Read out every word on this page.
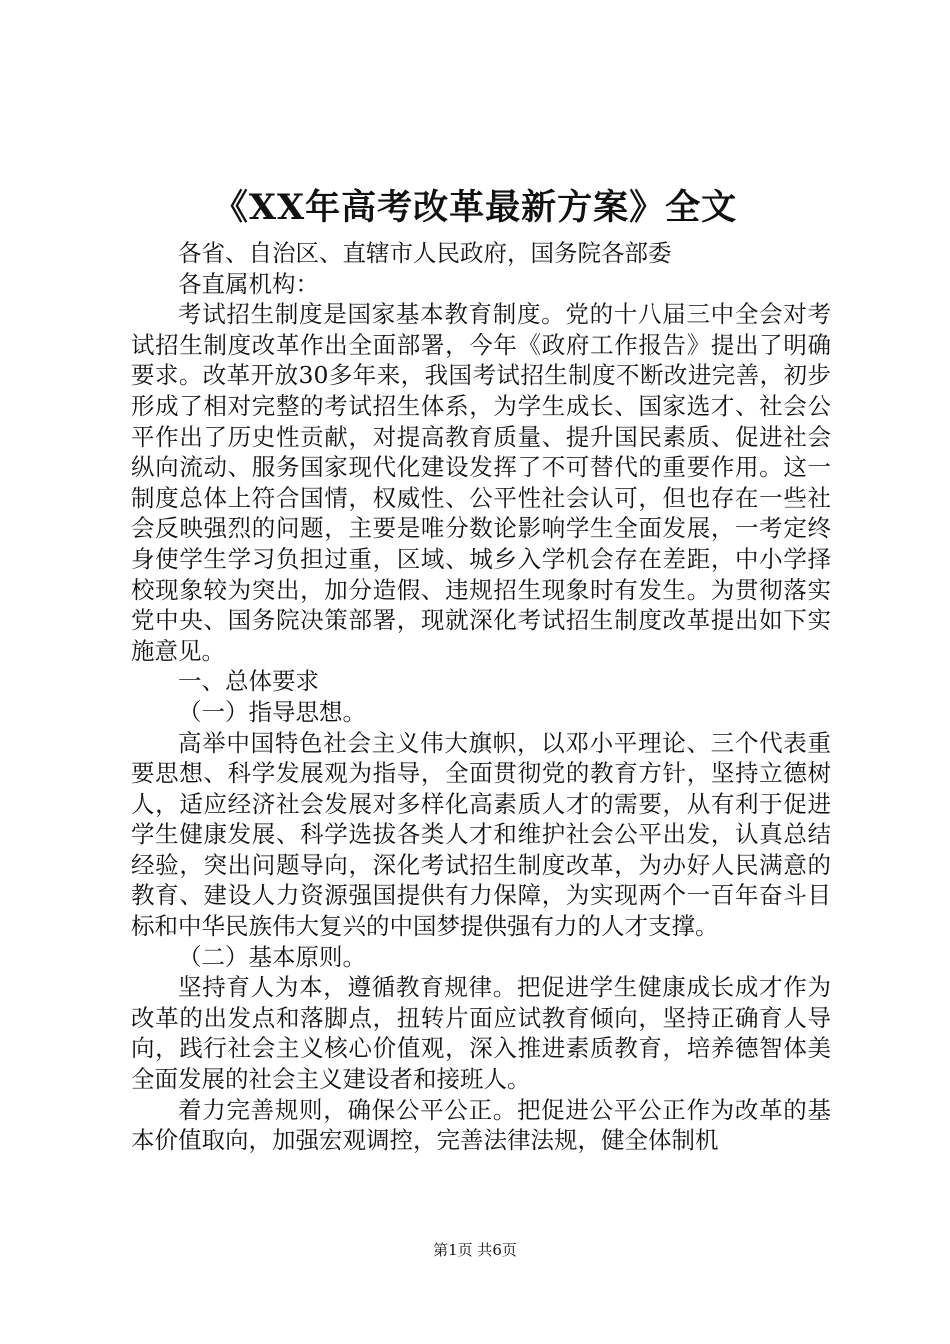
《XX年高考改革最新方案》全文

各省、自治区、直辖市人民政府，国务院各部委

各直属机构：

考试招生制度是国家基本教育制度。党的十八届三中全会对考试招生制度改革作出全面部署，今年《政府工作报告》提出了明确要求。改革开放30多年来，我国考试招生制度不断改进完善，初步形成了相对完整的考试招生体系，为学生成长、国家选才、社会公平作出了历史性贡献，对提高教育质量、提升国民素质、促进社会纵向流动、服务国家现代化建设发挥了不可替代的重要作用。这一制度总体上符合国情，权威性、公平性社会认可，但也存在一些社会反映强烈的问题，主要是唯分数论影响学生全面发展，一考定终身使学生学习负担过重，区域、城乡入学机会存在差距，中小学择校现象较为突出，加分造假、违规招生现象时有发生。为贯彻落实党中央、国务院决策部署，现就深化考试招生制度改革提出如下实施意见。

一、总体要求

（一）指导思想。

高举中国特色社会主义伟大旗帜，以邓小平理论、三个代表重要思想、科学发展观为指导，全面贯彻党的教育方针，坚持立德树人，适应经济社会发展对多样化高素质人才的需要，从有利于促进学生健康发展、科学选拔各类人才和维护社会公平出发，认真总结经验，突出问题导向，深化考试招生制度改革，为办好人民满意的教育、建设人力资源强国提供有力保障，为实现两个一百年奋斗目标和中华民族伟大复兴的中国梦提供强有力的人才支撑。

（二）基本原则。

坚持育人为本，遵循教育规律。把促进学生健康成长成才作为改革的出发点和落脚点，扭转片面应试教育倾向，坚持正确育人导向，践行社会主义核心价值观，深入推进素质教育，培养德智体美全面发展的社会主义建设者和接班人。

着力完善规则，确保公平公正。把促进公平公正作为改革的基本价值取向，加强宏观调控，完善法律法规，健全体制机

第1页 共6页
